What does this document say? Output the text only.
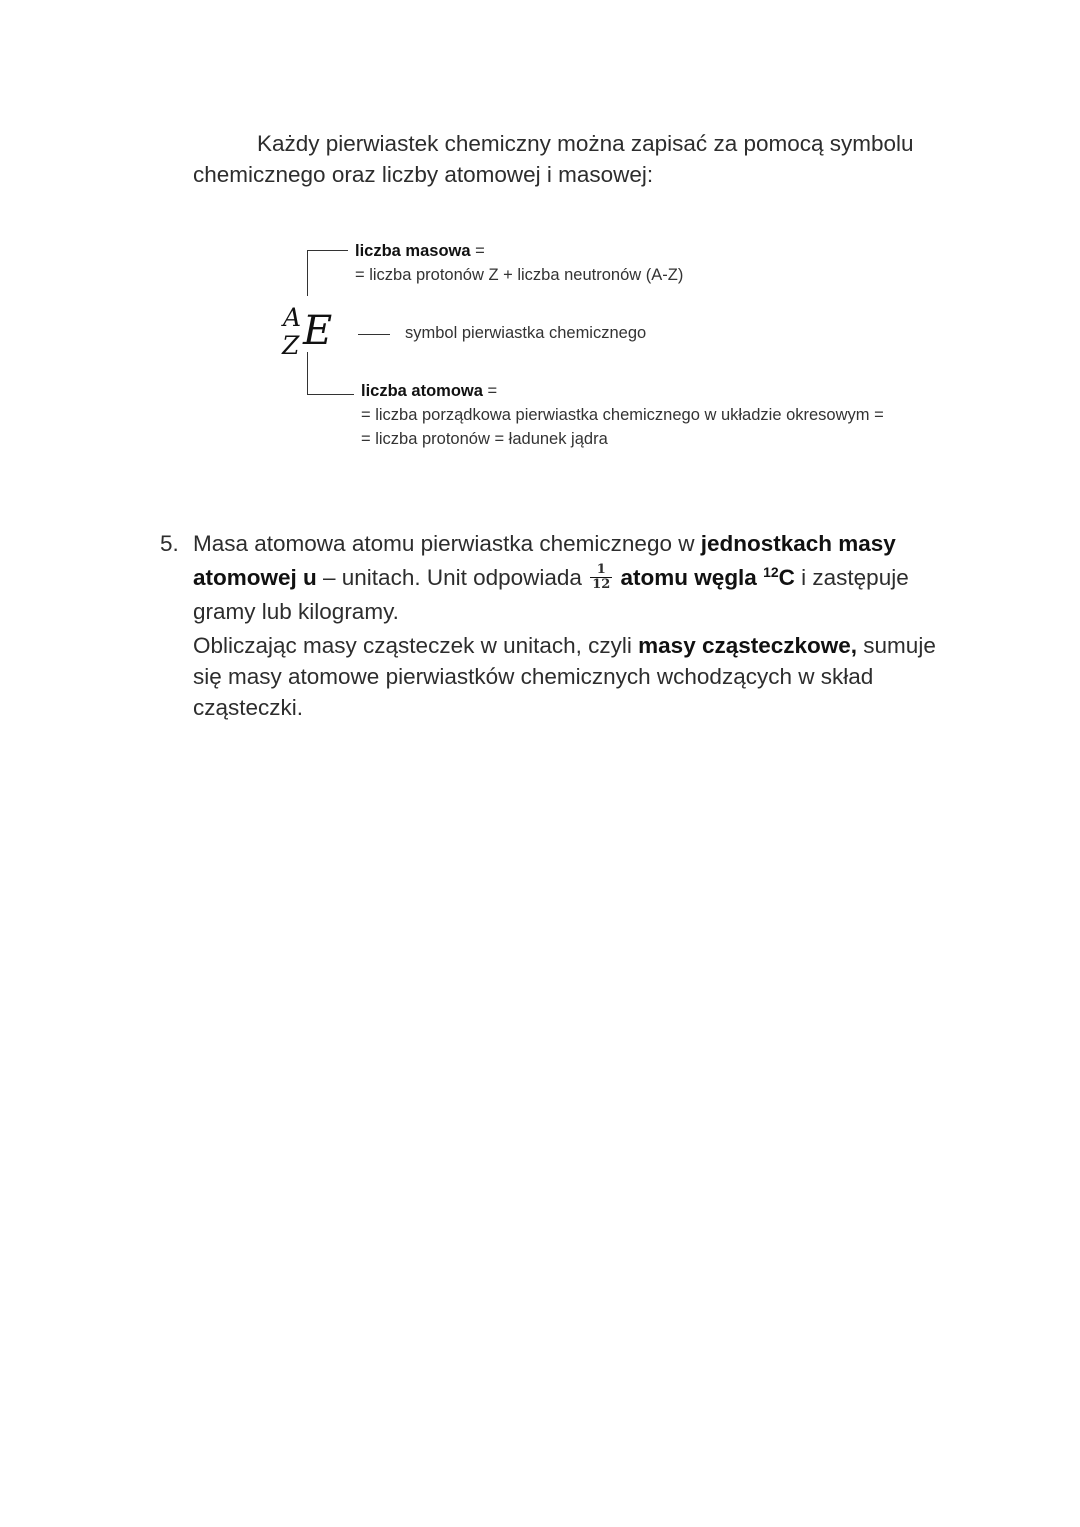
Każdy pierwiastek chemiczny można zapisać za pomocą symbolu
chemicznego oraz liczby atomowej i masowej:
A
Z E
liczba masowa =
= liczba protonów Z + liczba neutronów (A-Z)
symbol pierwiastka chemicznego
liczba atomowa =
= liczba porządkowa pierwiastka chemicznego w układzie okresowym =
= liczba protonów = ładunek jądra
5. Masa atomowa atomu pierwiastka chemicznego w jednostkach masy
atomowej u – unitach. Unit odpowiada $\frac{1}{12}$ atomu węgla $^{12}$C i zastępuje
gramy lub kilogramy.
Obliczając masy cząsteczek w unitach, czyli masy cząsteczkowe, sumuje
się masy atomowe pierwiastków chemicznych wchodzących w skład
cząsteczki.
